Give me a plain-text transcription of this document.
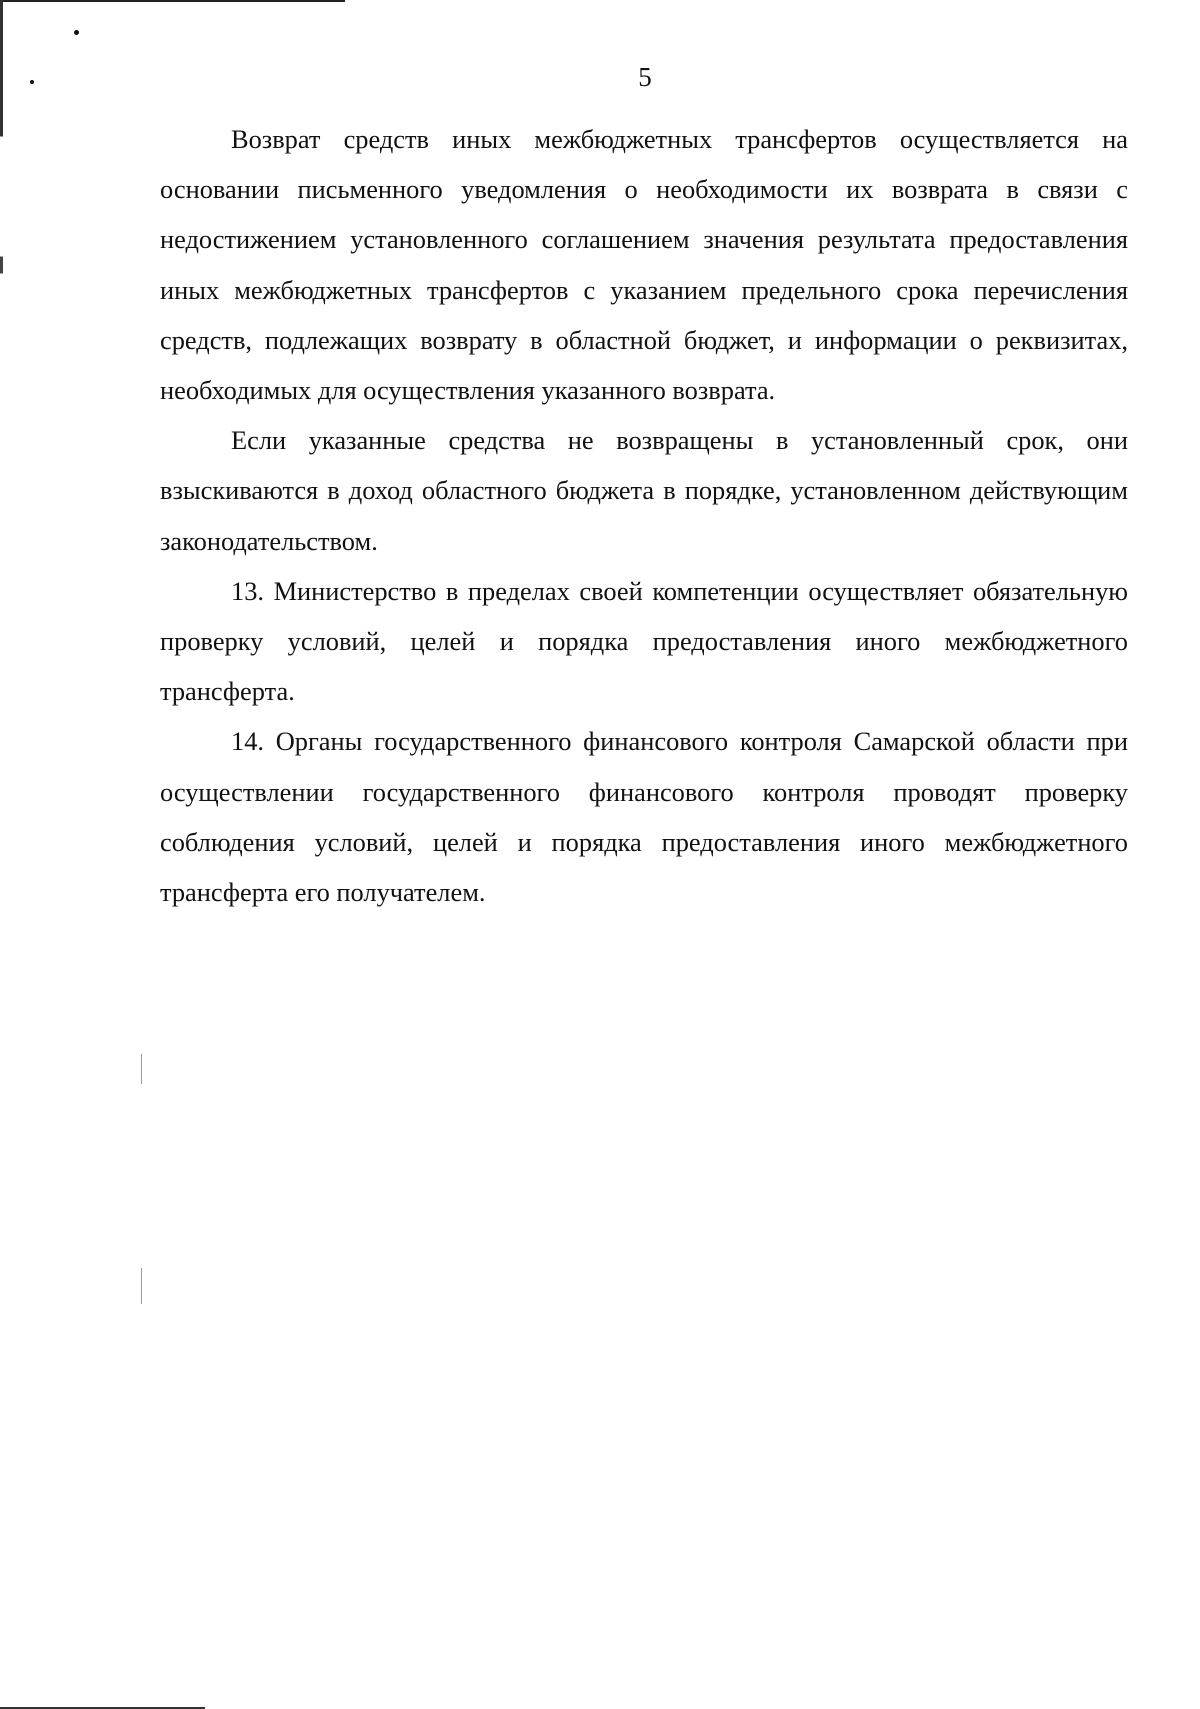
5

Возврат средств иных межбюджетных трансфертов осуществляется на основании письменного уведомления о необходимости их возврата в связи с недостижением установленного соглашением значения результата предоставления иных межбюджетных трансфертов с указанием предельного срока перечисления средств, подлежащих возврату в областной бюджет, и информации о реквизитах, необходимых для осуществления указанного возврата.

Если указанные средства не возвращены в установленный срок, они взыскиваются в доход областного бюджета в порядке, установленном действующим законодательством.

13. Министерство в пределах своей компетенции осуществляет обязательную проверку условий, целей и порядка предоставления иного межбюджетного трансферта.

14. Органы государственного финансового контроля Самарской области при осуществлении государственного финансового контроля проводят проверку соблюдения условий, целей и порядка предоставления иного межбюджетного трансферта его получателем.
